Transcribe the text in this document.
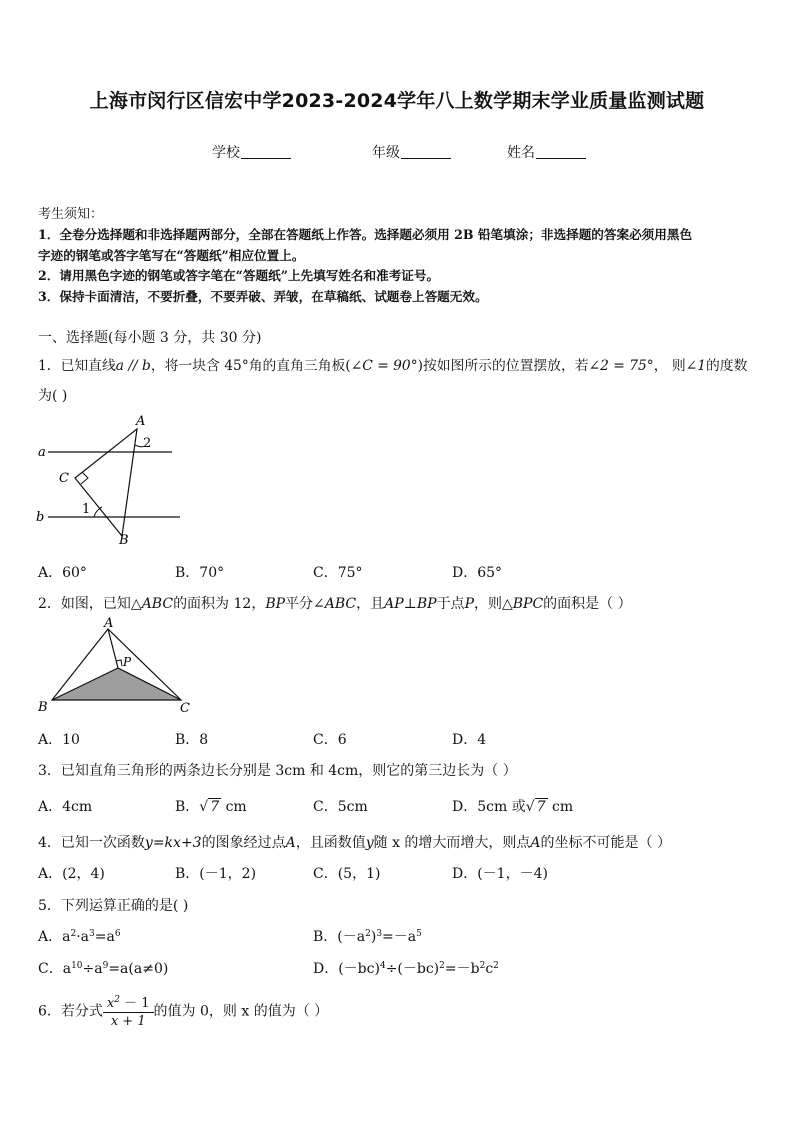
上海市闵行区信宏中学2023-2024学年八上数学期末学业质量监测试题
学校	年级	姓名
考生须知：
1．全卷分选择题和非选择题两部分，全部在答题纸上作答。选择题必须用 2B 铅笔填涂；非选择题的答案必须用黑色
字迹的钢笔或答字笔写在“答题纸”相应位置上。
2．请用黑色字迹的钢笔或答字笔在“答题纸”上先填写姓名和准考证号。
3．保持卡面清洁，不要折叠，不要弄破、弄皱，在草稿纸、试题卷上答题无效。
一、选择题(每小题 3 分，共 30 分)
1．已知直线a // b，将一块含 45°角的直角三角板(∠C = 90°)按如图所示的位置摆放，若∠2 = 75°， 则∠1的度数
为( )
A
2
a
C
1
b
B
A．60°	B．70°	C．75°	D．65°
2．如图，已知△ABC的面积为 12，BP平分∠ABC，且AP⊥BP于点P，则△BPC的面积是（ ）
A
P
B	C
A．10	B．8	C．6	D．4
3．已知直角三角形的两条边长分别是 3cm 和 4cm，则它的第三边长为（ ）
A．4cm	B．√ 7 cm	C．5cm	D．5cm 或√ 7 cm
4．已知一次函数y=kx+3的图象经过点A，且函数值y随 x 的增大而增大，则点A的坐标不可能是（ ）
A．(2，4)	B．(－1，2)	C．(5，1)	D．(－1，－4)
5．下列运算正确的是( )
A．$a^2\cdot a^3=a^6$	B．$(-a^2)^3=-a^5$
C．$a^{10}\div a^9=a(a\ne 0)$	D．$(-bc)^4\div(-bc)^2=-b^2c^2$
6．若分式 $\frac{x^2 - 1}{x + 1}$ 的值为 0，则 x 的值为（ ）
